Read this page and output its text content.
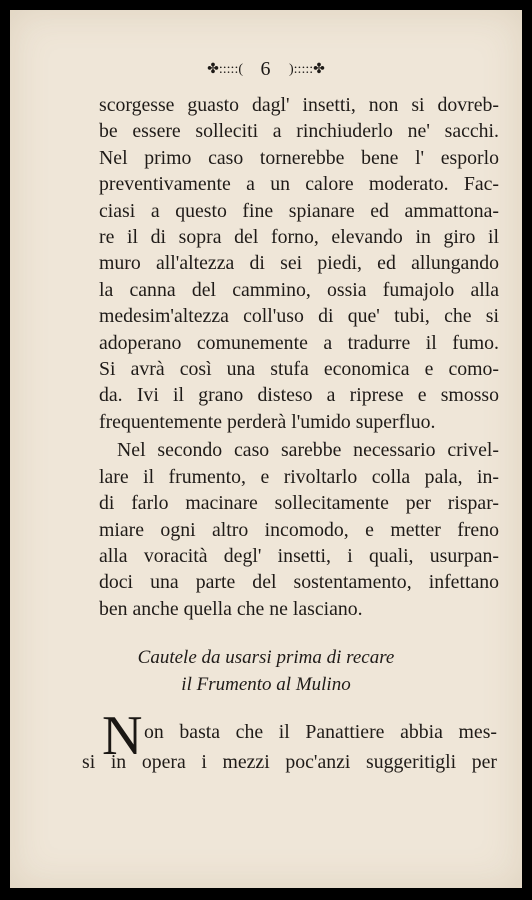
✤:::::( 6 ):::::✤
scorgesse guasto dagl' insetti, non si dovreb-
be essere solleciti a rinchiuderlo ne' sacchi.
Nel primo caso tornerebbe bene l' esporlo
preventivamente a un calore moderato. Fac-
ciasi a questo fine spianare ed ammattona-
re il di sopra del forno, elevando in giro il
muro all'altezza di sei piedi, ed allungando
la canna del cammino, ossia fumajolo alla
medesim'altezza coll'uso di que' tubi, che si
adoperano comunemente a tradurre il fumo.
Si avrà così una stufa economica e como-
da. Ivi il grano disteso a riprese e smosso
frequentemente perderà l'umido superfluo.
Nel secondo caso sarebbe necessario crivel-
lare il frumento, e rivoltarlo colla pala, in-
di farlo macinare sollecitamente per rispar-
miare ogni altro incomodo, e metter freno
alla voracità degl' insetti, i quali, usurpan-
doci una parte del sostentamento, infettano
ben anche quella che ne lasciano.
Cautele da usarsi prima di recare
il Frumento al Mulino
N on basta che il Panattiere abbia mes-
si in opera i mezzi poc'anzi suggeritigli per
